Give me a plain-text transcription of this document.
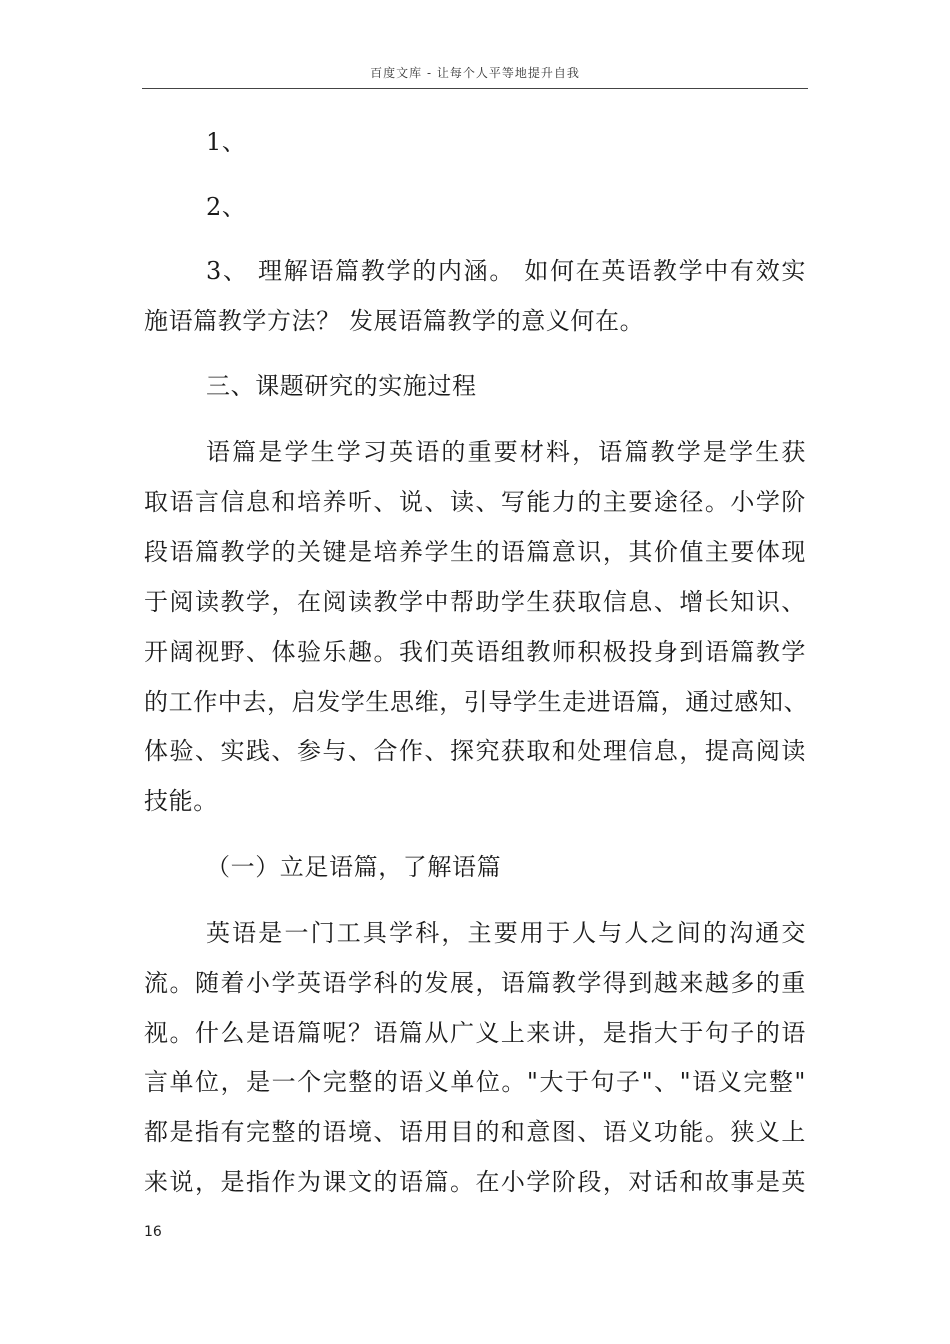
百度文库 - 让每个人平等地提升自我
1、
2、
3、 理解语篇教学的内涵。 如何在英语教学中有效实
施语篇教学方法？ 发展语篇教学的意义何在。
三、课题研究的实施过程
语篇是学生学习英语的重要材料，语篇教学是学生获
取语言信息和培养听、说、读、写能力的主要途径。小学阶
段语篇教学的关键是培养学生的语篇意识，其价值主要体现
于阅读教学，在阅读教学中帮助学生获取信息、增长知识、
开阔视野、体验乐趣。我们英语组教师积极投身到语篇教学
的工作中去，启发学生思维，引导学生走进语篇，通过感知、
体验、实践、参与、合作、探究获取和处理信息，提高阅读
技能。
（一）立足语篇，了解语篇
英语是一门工具学科，主要用于人与人之间的沟通交
流。随着小学英语学科的发展，语篇教学得到越来越多的重
视。什么是语篇呢？语篇从广义上来讲，是指大于句子的语
言单位，是一个完整的语义单位。"大于句子"、"语义完整"
都是指有完整的语境、语用目的和意图、语义功能。狭义上
来说，是指作为课文的语篇。在小学阶段，对话和故事是英
16
